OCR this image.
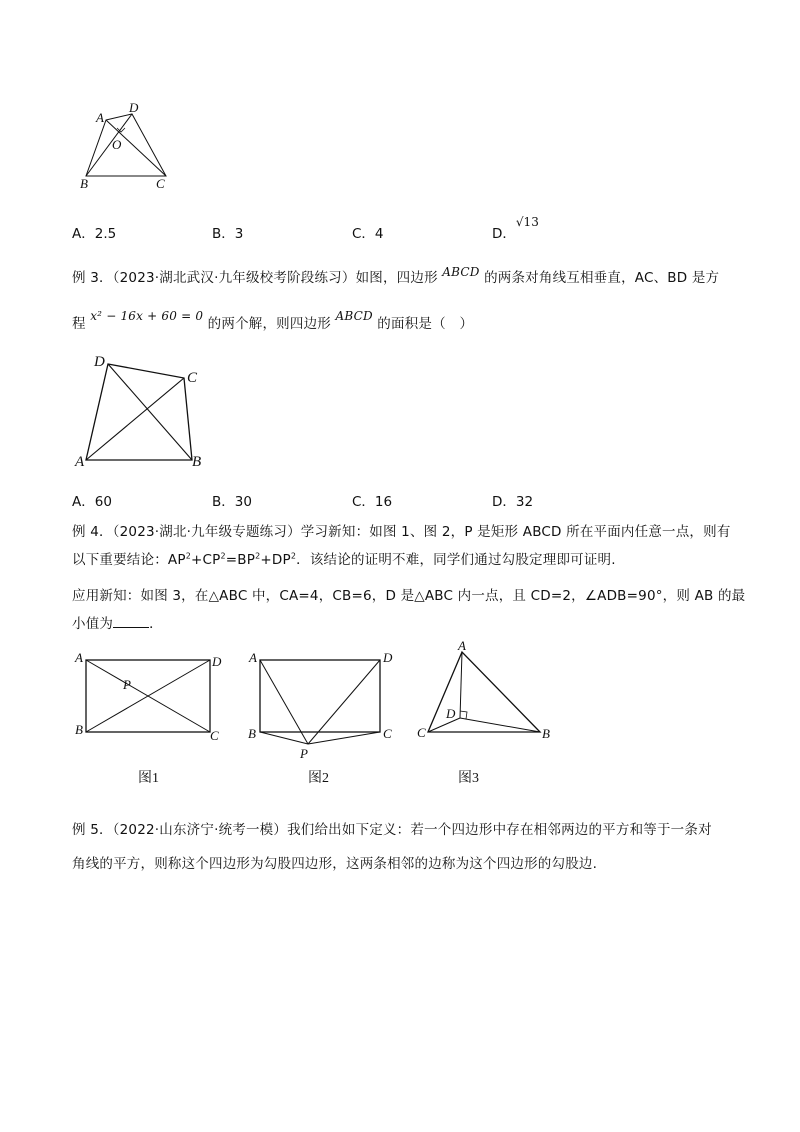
A
D
O
B	C
A．2.5	B．3	C．4	D．√13
例 3．（2023·湖北武汉·九年级校考阶段练习）如图，四边形 ABCD 的两条对角线互相垂直，AC、BD 是方
程 x² − 16x + 60 = 0 的两个解，则四边形 ABCD 的面积是（　）
D
C
A	B
A．60	B．30	C．16	D．32
例 4．（2023·湖北·九年级专题练习）学习新知：如图 1、图 2，P 是矩形 ABCD 所在平面内任意一点，则有
以下重要结论：$AP^2+CP^2=BP^2+DP^2$．该结论的证明不难，同学们通过勾股定理即可证明.
应用新知：如图 3，在△ABC 中，CA=4，CB=6，D 是△ABC 内一点，且 CD=2，∠ADB=90°，则 AB 的最
小值为	．
A	D
P
B	C
图1
A	D
B	C
P
图2
A
D
C	B
图3
例 5．（2022·山东济宁·统考一模）我们给出如下定义：若一个四边形中存在相邻两边的平方和等于一条对
角线的平方，则称这个四边形为勾股四边形，这两条相邻的边称为这个四边形的勾股边.
